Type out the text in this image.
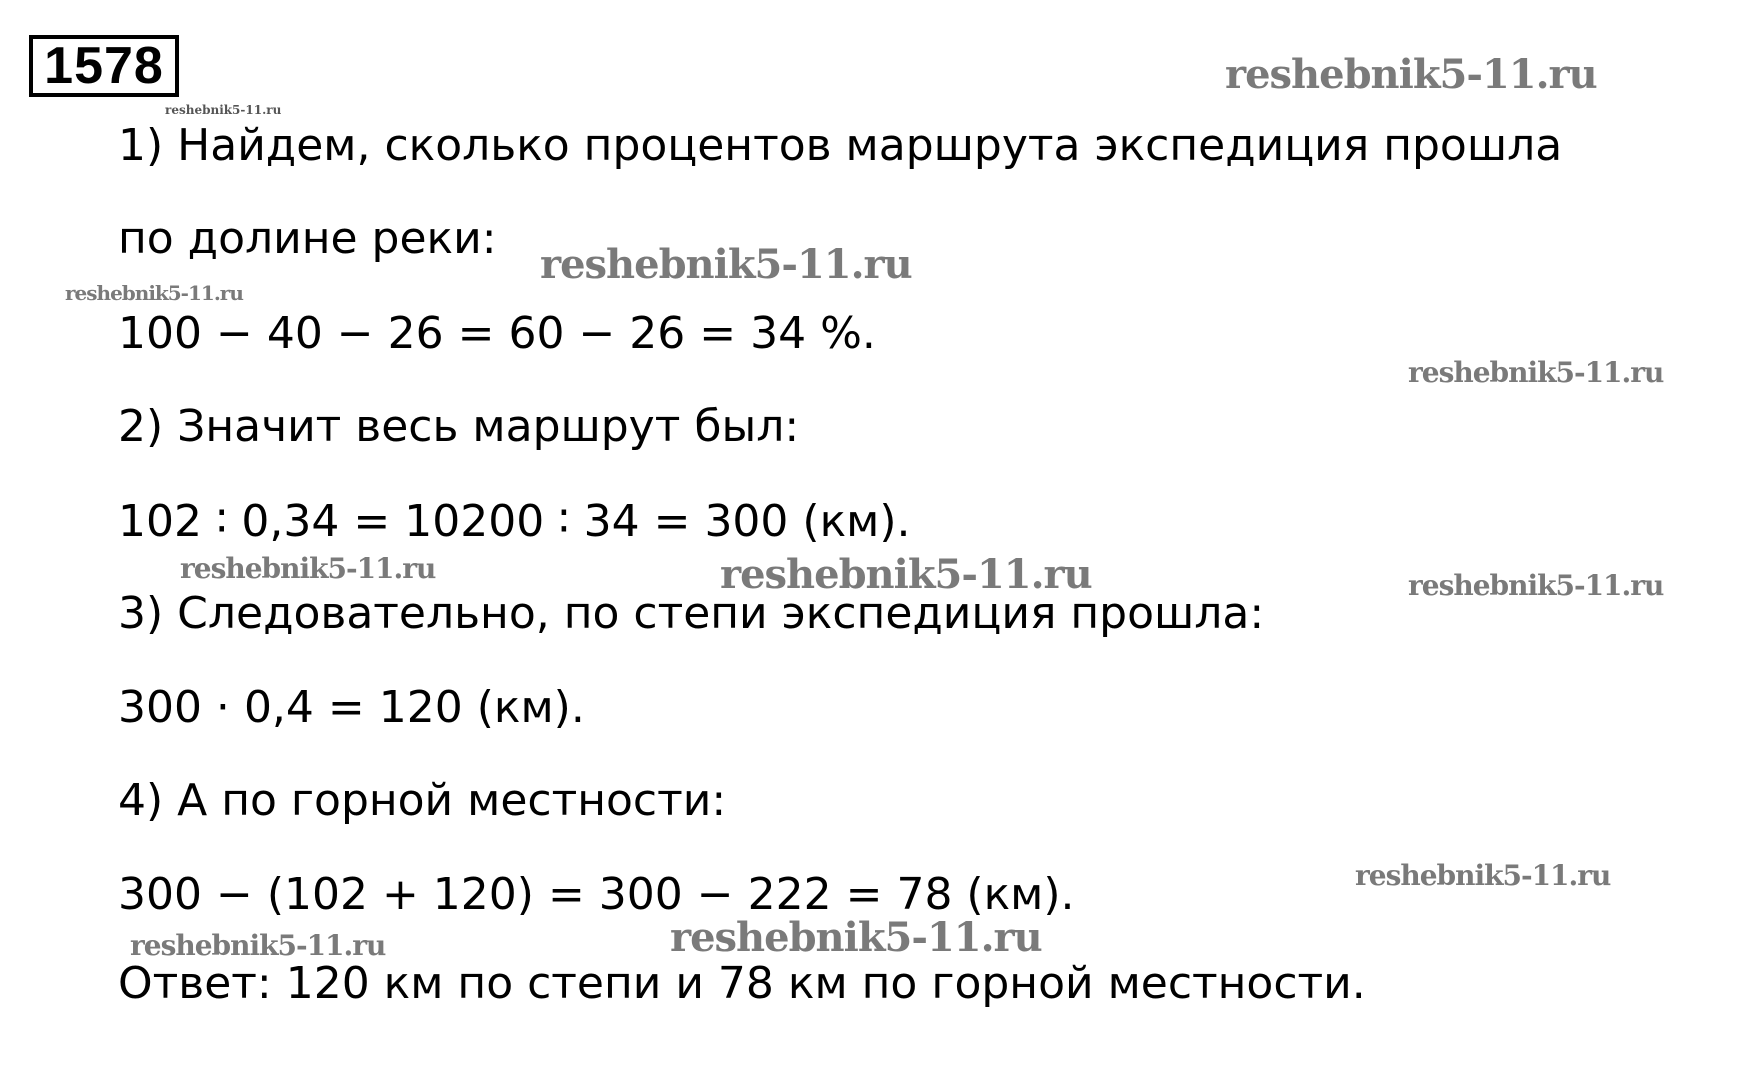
1578
1) Найдем, сколько процентов маршрута экспедиция прошла
по долине реки:
100 − 40 − 26 = 60 − 26 = 34 %.
2) Значит весь маршрут был:
102 ∶ 0,34 = 10200 ∶ 34 = 300 (км).
3) Следовательно, по степи экспедиция прошла:
300 ⋅ 0,4 = 120 (км).
4) А по горной местности:
300 − (102 + 120) = 300 − 222 = 78 (км).
Ответ: 120 км по степи и 78 км по горной местности.
reshebnik5-11.ru
reshebnik5-11.ru
reshebnik5-11.ru
reshebnik5-11.ru
reshebnik5-11.ru
reshebnik5-11.ru	reshebnik5-11.ru	reshebnik5-11.ru
reshebnik5-11.ru
reshebnik5-11.ru	reshebnik5-11.ru
